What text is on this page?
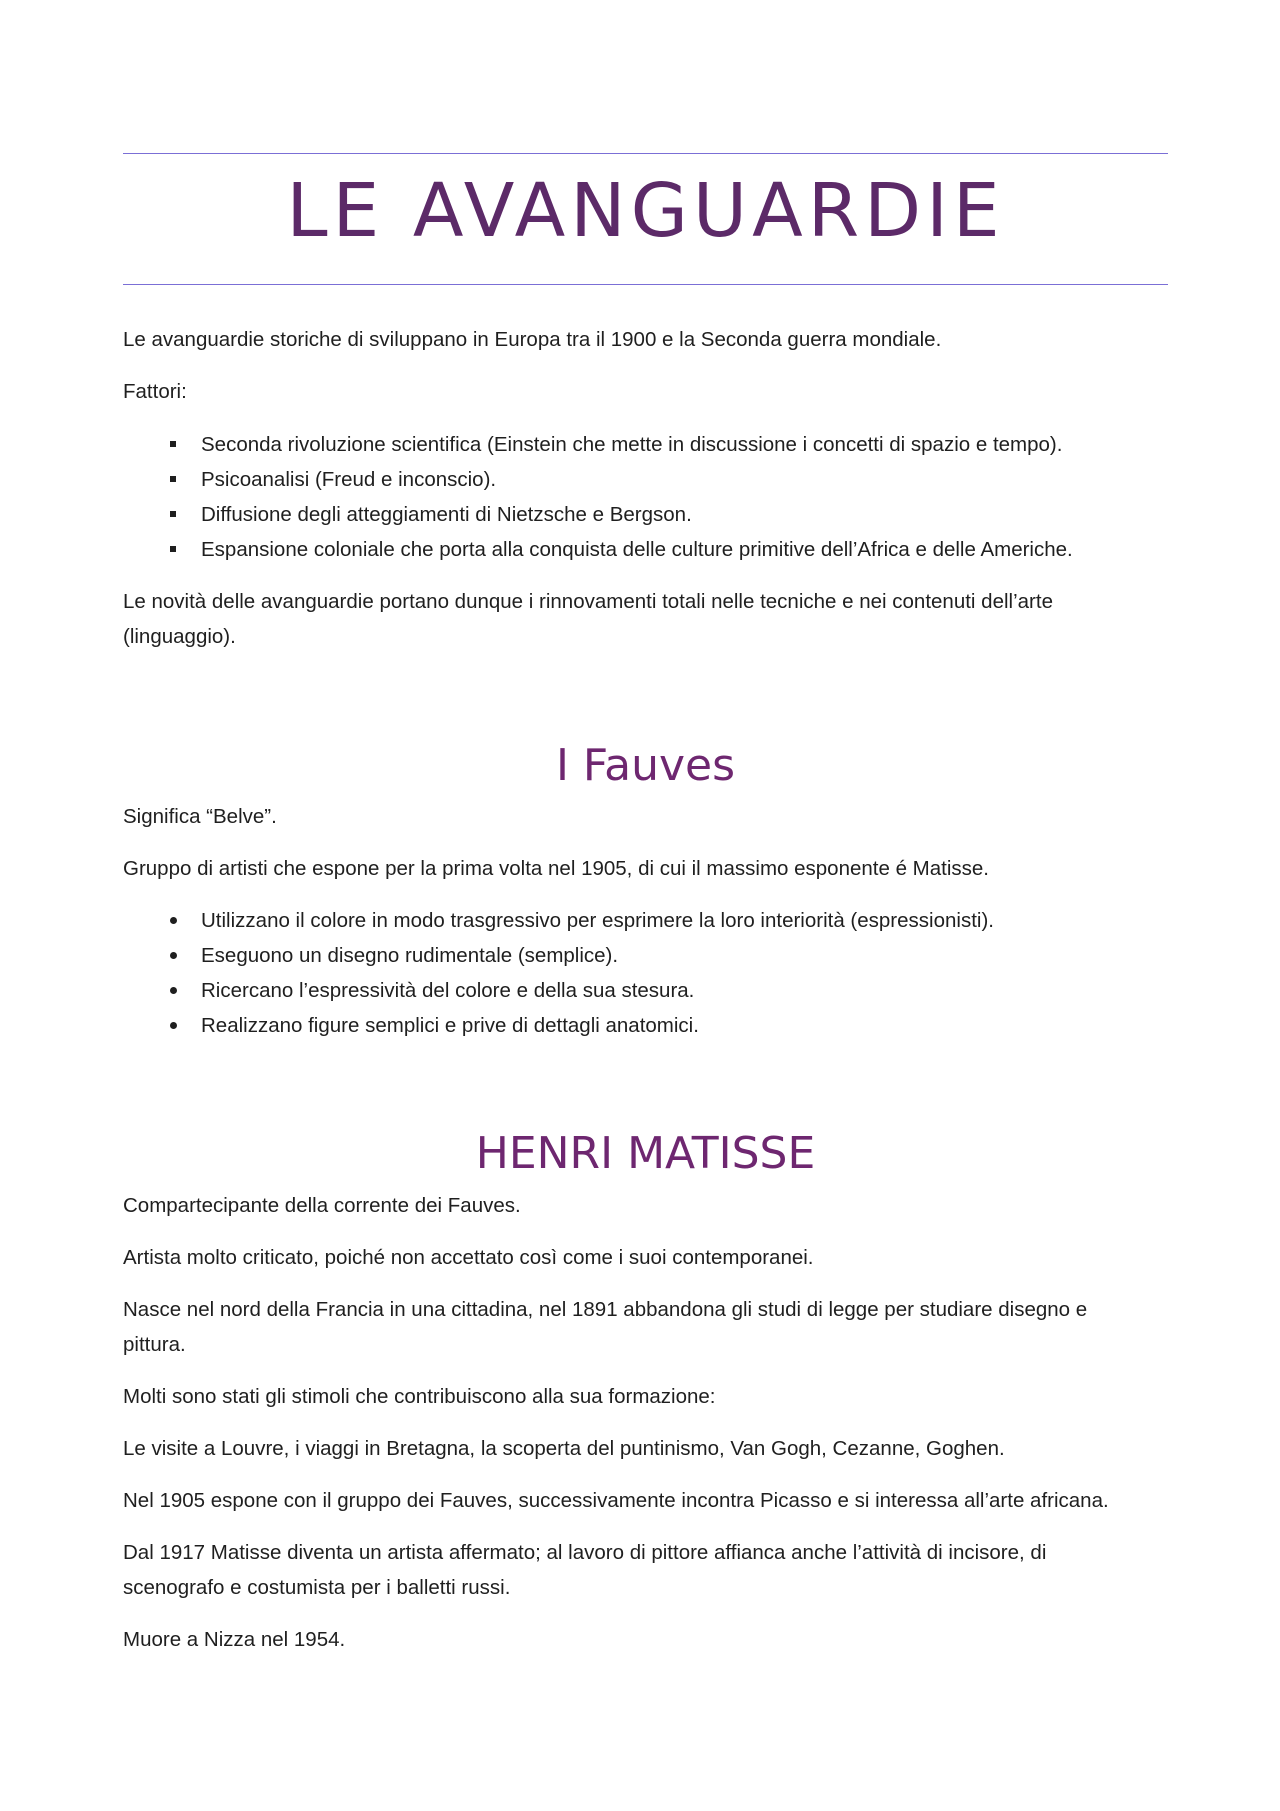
LE AVANGUARDIE

Le avanguardie storiche di sviluppano in Europa tra il 1900 e la Seconda guerra mondiale.

Fattori:

Seconda rivoluzione scientifica (Einstein che mette in discussione i concetti di spazio e tempo).
Psicoanalisi (Freud e inconscio).
Diffusione degli atteggiamenti di Nietzsche e Bergson.
Espansione coloniale che porta alla conquista delle culture primitive dell’Africa e delle Americhe.

Le novità delle avanguardie portano dunque i rinnovamenti totali nelle tecniche e nei contenuti dell’arte

(linguaggio).

I Fauves

Significa “Belve”.

Gruppo di artisti che espone per la prima volta nel 1905, di cui il massimo esponente é Matisse.

Utilizzano il colore in modo trasgressivo per esprimere la loro interiorità (espressionisti).
Eseguono un disegno rudimentale (semplice).
Ricercano l’espressività del colore e della sua stesura.
Realizzano figure semplici e prive di dettagli anatomici.
HENRI MATISSE

Compartecipante della corrente dei Fauves.

Artista molto criticato, poiché non accettato così come i suoi contemporanei.

Nasce nel nord della Francia in una cittadina, nel 1891 abbandona gli studi di legge per studiare disegno e

pittura.

Molti sono stati gli stimoli che contribuiscono alla sua formazione:

Le visite a Louvre, i viaggi in Bretagna, la scoperta del puntinismo, Van Gogh, Cezanne, Goghen.

Nel 1905 espone con il gruppo dei Fauves, successivamente incontra Picasso e si interessa all’arte africana.

Dal 1917 Matisse diventa un artista affermato; al lavoro di pittore affianca anche l’attività di incisore, di

scenografo e costumista per i balletti russi.

Muore a Nizza nel 1954.
